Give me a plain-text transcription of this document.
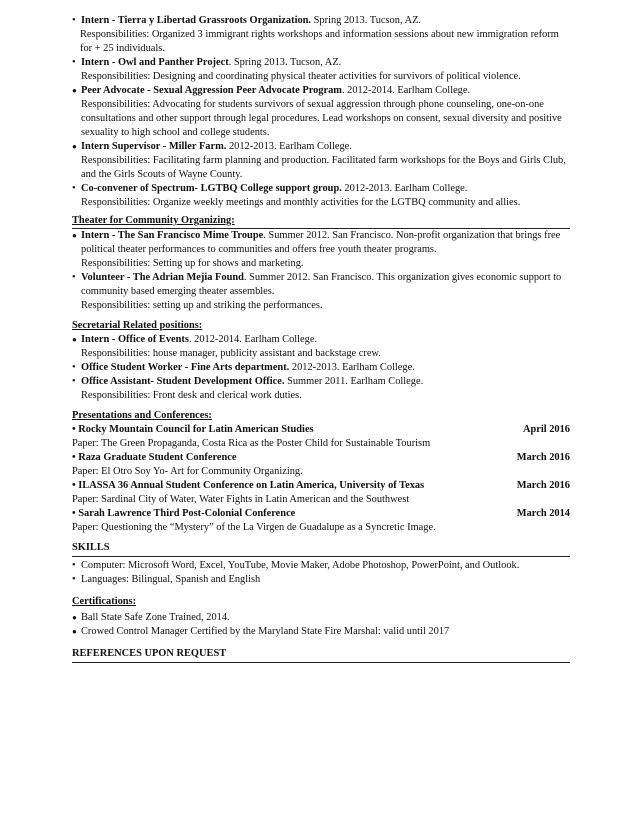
• Intern - Tierra y Libertad Grassroots Organization. Spring 2013. Tucson, AZ.
Responsibilities: Organized 3 immigrant rights workshops and information sessions about new immigration reform for + 25 individuals.
• Intern - Owl and Panther Project. Spring 2013. Tucson, AZ.
Responsibilities: Designing and coordinating physical theater activities for survivors of political violence.
● Peer Advocate - Sexual Aggression Peer Advocate Program. 2012-2014. Earlham College.
Responsibilities: Advocating for students survivors of sexual aggression through phone counseling, one-on-one consultations and other support through legal procedures. Lead workshops on consent, sexual diversity and positive sexuality to high school and college students.
● Intern Supervisor - Miller Farm. 2012-2013. Earlham College.
Responsibilities: Facilitating farm planning and production. Facilitated farm workshops for the Boys and Girls Club, and the Girls Scouts of Wayne County.
• Co-convener of Spectrum- LGTBQ College support group. 2012-2013. Earlham College.
Responsibilities: Organize weekly meetings and monthly activities for the LGTBQ community and allies.
Theater for Community Organizing:
● Intern - The San Francisco Mime Troupe. Summer 2012. San Francisco. Non-profit organization that brings free political theater performances to communities and offers free youth theater programs.
Responsibilities: Setting up for shows and marketing.
• Volunteer - The Adrian Mejia Found. Summer 2012. San Francisco. This organization gives economic support to community based emerging theater assembles.
Responsibilities: setting up and striking the performances.
Secretarial Related positions:
● Intern - Office of Events. 2012-2014. Earlham College.
Responsibilities: house manager, publicity assistant and backstage crew.
• Office Student Worker - Fine Arts department. 2012-2013. Earlham College.
• Office Assistant- Student Development Office. Summer 2011. Earlham College.
Responsibilities: Front desk and clerical work duties.
Presentations and Conferences:
• Rocky Mountain Council for Latin American Studies	April 2016
Paper: The Green Propaganda, Costa Rica as the Poster Child for Sustainable Tourism
• Raza Graduate Student Conference	March 2016
Paper: El Otro Soy Yo- Art for Community Organizing.
• ILASSA 36 Annual Student Conference on Latin America, University of Texas	March 2016
Paper: Sardinal City of Water, Water Fights in Latin American and the Southwest
• Sarah Lawrence Third Post-Colonial Conference	March 2014
Paper: Questioning the “Mystery” of the La Virgen de Guadalupe as a Syncretic Image.
SKILLS
• Computer: Microsoft Word, Excel, YouTube, Movie Maker, Adobe Photoshop, PowerPoint, and Outlook.
• Languages: Bilingual, Spanish and English
Certifications:
● Ball State Safe Zone Trained, 2014.
● Crowed Control Manager Certified by the Maryland State Fire Marshal: valid until 2017
REFERENCES UPON REQUEST
